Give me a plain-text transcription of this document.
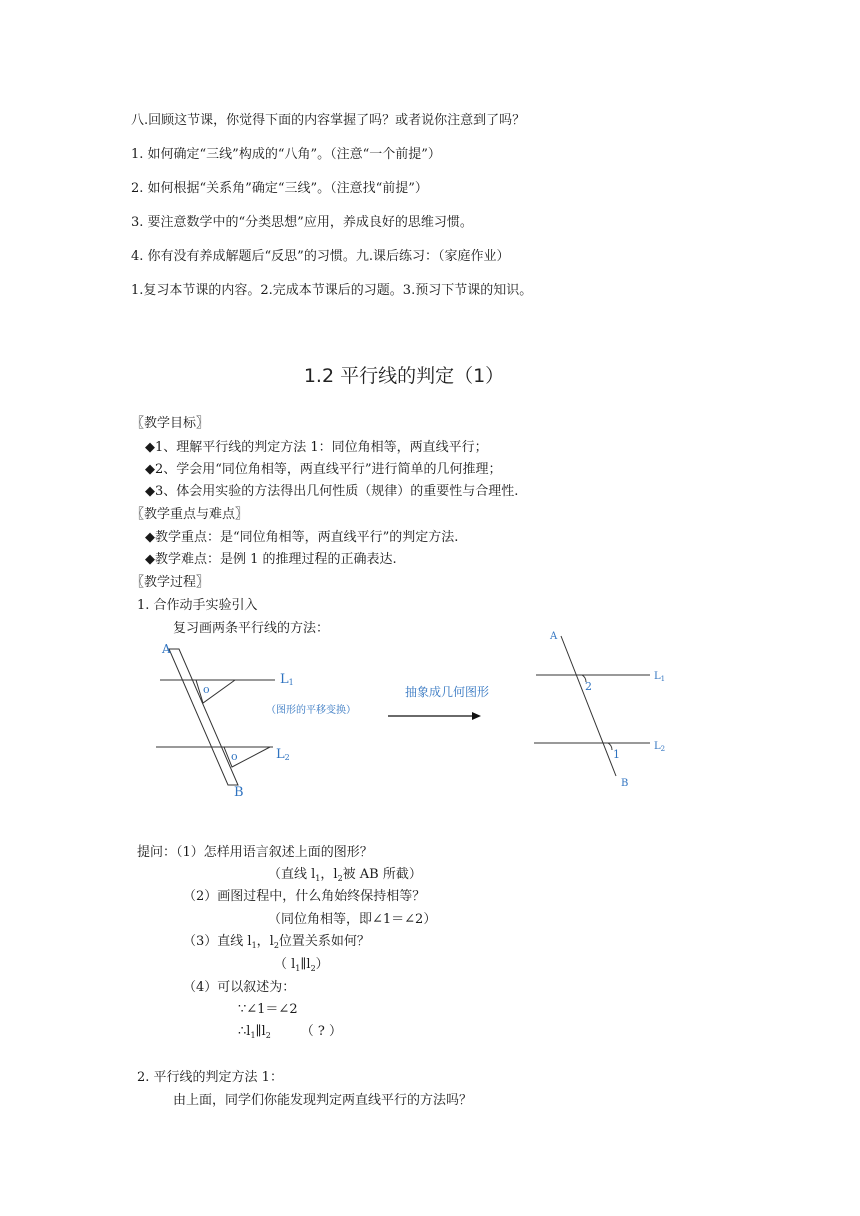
八.回顾这节课，你觉得下面的内容掌握了吗？或者说你注意到了吗？
1. 如何确定“三线”构成的“八角”。（注意“一个前提”）
2. 如何根据“关系角”确定“三线”。（注意找“前提”）
3. 要注意数学中的“分类思想”应用，养成良好的思维习惯。
4. 你有没有养成解题后“反思”的习惯。九.课后练习：（家庭作业）
1.复习本节课的内容。2.完成本节课后的习题。3.预习下节课的知识。
1.2 平行线的判定（1）
〖教学目标〗
◆1、理解平行线的判定方法 1：同位角相等，两直线平行；
◆2、学会用“同位角相等，两直线平行”进行简单的几何推理；
◆3、体会用实验的方法得出几何性质（规律）的重要性与合理性.
〖教学重点与难点〗
◆教学重点：是“同位角相等，两直线平行”的判定方法.
◆教学难点：是例 1 的推理过程的正确表达.
〖教学过程〗
1. 合作动手实验引入
复习画两条平行线的方法：
A
o
o
L1
L2
B
（图形的平移变换）
抽象成几何图形
A
2
1
$L_1$
$L_2$
B
提问：（1）怎样用语言叙述上面的图形？
（直线 $l_1$，$l_2$被 AB 所截）
（2）画图过程中，什么角始终保持相等？
（同位角相等，即∠1＝∠2）
（3）直线 $l_1$，$l_2$位置关系如何？
（ $l_1\parallel l_2$）
（4）可以叙述为：
∵∠1＝∠2
$\therefore l_1\parallel l_2$ （ ? ）
2. 平行线的判定方法 1：
由上面，同学们你能发现判定两直线平行的方法吗？
